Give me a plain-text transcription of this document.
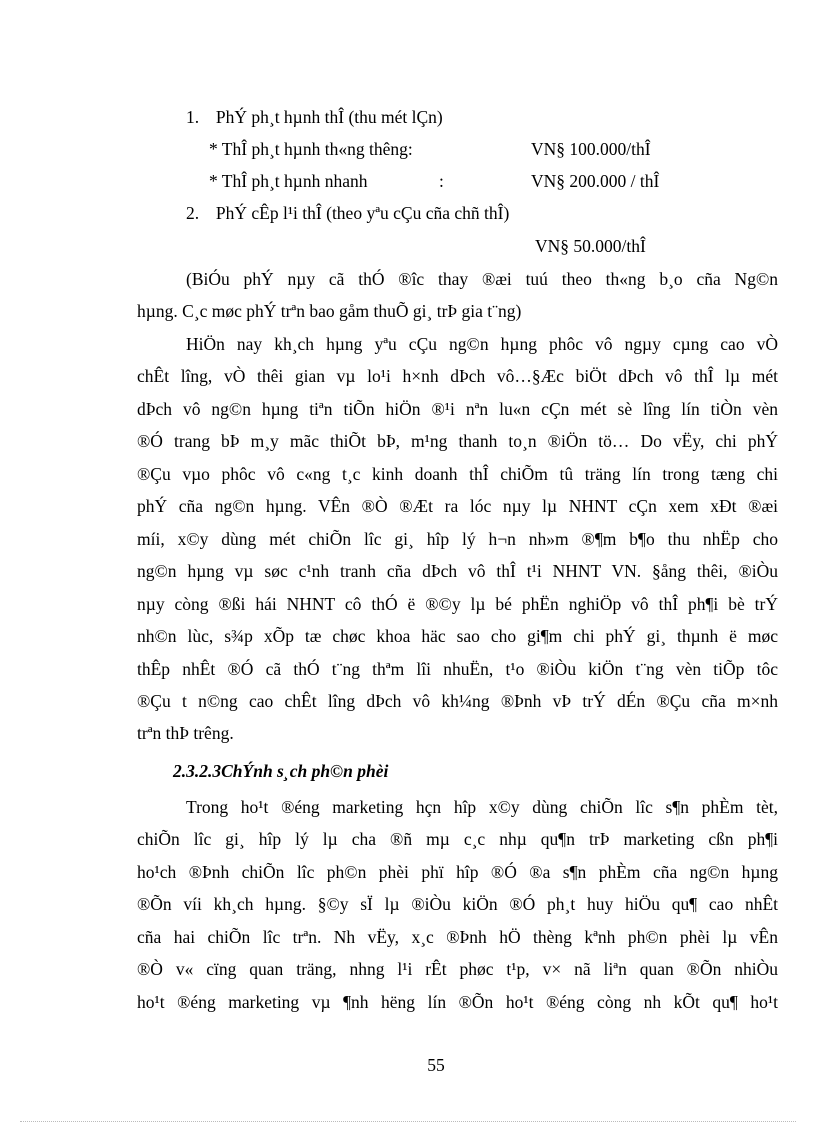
1. PhÝ ph¸t hµnh thÎ (thu mét lÇn)
* ThÎ ph¸t hµnh th«ng thêng:	VN§ 100.000/thÎ
* ThÎ ph¸t hµnh nhanh	:	VN§ 200.000 / thÎ
2. PhÝ cÊp l¹i thÎ (theo yªu cÇu cña chñ thÎ)
VN§ 50.000/thÎ
(BiÓu phÝ nµy cã thÓ ®îc thay ®æi tuú theo th«ng b¸o cña Ng©n
hµng. C¸c møc phÝ trªn bao gåm thuÕ gi¸ trÞ gia t¨ng)
HiÖn nay kh¸ch hµng yªu cÇu ng©n hµng phôc vô ngµy cµng cao vÒ
chÊt lîng, vÒ thêi gian vµ lo¹i h×nh dÞch vô…§Æc biÖt dÞch vô thÎ lµ mét
dÞch vô ng©n hµng tiªn tiÕn hiÖn ®¹i nªn lu«n cÇn mét sè lîng lín tiÒn vèn
®Ó trang bÞ m¸y mãc thiÕt bÞ, m¹ng thanh to¸n ®iÖn tö… Do vËy, chi phÝ
®Çu vµo phôc vô c«ng t¸c kinh doanh thÎ chiÕm tû träng lín trong tæng chi
phÝ cña ng©n hµng. VÊn ®Ò ®Æt ra lóc nµy lµ NHNT cÇn xem xÐt ®æi
míi, x©y dùng mét chiÕn lîc gi¸ hîp lý h¬n nh»m ®¶m b¶o thu nhËp cho
ng©n hµng vµ søc c¹nh tranh cña dÞch vô thÎ t¹i NHNT VN. §ång thêi, ®iÒu
nµy còng ®ßi hái NHNT cô thÓ ë ®©y lµ bé phËn nghiÖp vô thÎ ph¶i bè trÝ
nh©n lùc, s¾p xÕp tæ chøc khoa häc sao cho gi¶m chi phÝ gi¸ thµnh ë møc
thÊp nhÊt ®Ó cã thÓ t¨ng thªm lîi nhuËn, t¹o ®iÒu kiÖn t¨ng vèn tiÕp tôc
®Çu t n©ng cao chÊt lîng dÞch vô kh¼ng ®Þnh vÞ trÝ dÉn ®Çu cña m×nh
trªn thÞ trêng.
2.3.2.3ChÝnh s¸ch ph©n phèi
Trong ho¹t ®éng marketing hçn hîp x©y dùng chiÕn lîc s¶n phÈm tèt,
chiÕn lîc gi¸ hîp lý lµ cha ®ñ mµ c¸c nhµ qu¶n trÞ marketing cßn ph¶i
ho¹ch ®Þnh chiÕn lîc ph©n phèi phï hîp ®Ó ®a s¶n phÈm cña ng©n hµng
®Õn víi kh¸ch hµng. §©y sÏ lµ ®iÒu kiÖn ®Ó ph¸t huy hiÖu qu¶ cao nhÊt
cña hai chiÕn lîc trªn. Nh vËy, x¸c ®Þnh hÖ thèng kªnh ph©n phèi lµ vÊn
®Ò v« cïng quan träng, nhng l¹i rÊt phøc t¹p, v× nã liªn quan ®Õn nhiÒu
ho¹t ®éng marketing vµ ¶nh hëng lín ®Õn ho¹t ®éng còng nh kÕt qu¶ ho¹t
55
